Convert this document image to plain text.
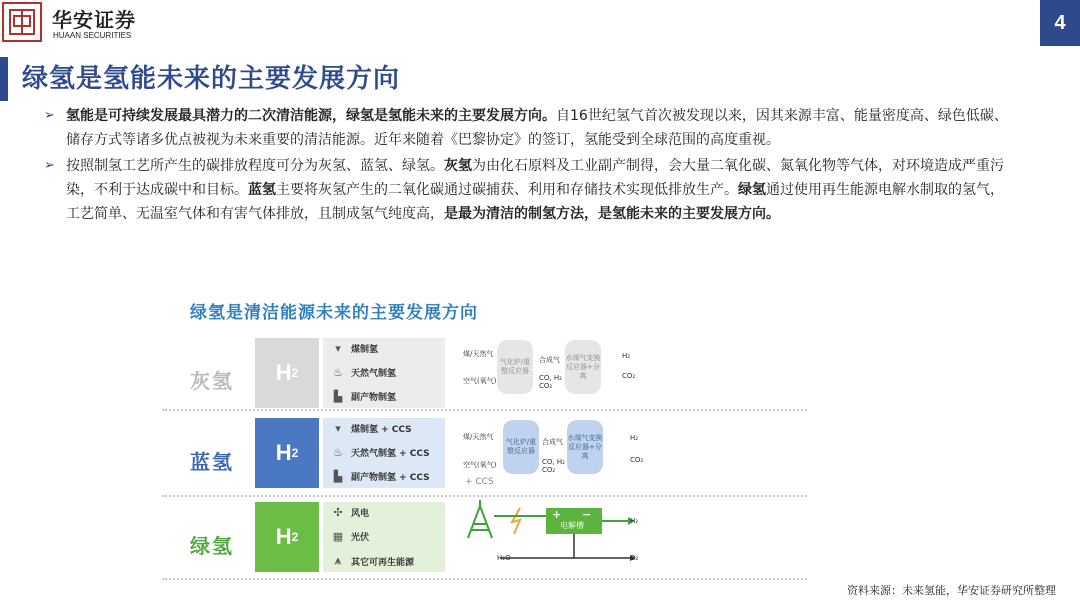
华安证券
HUAAN SECURITIES
4
绿氢是氢能未来的主要发展方向
➢ 氢能是可持续发展最具潜力的二次清洁能源，绿氢是氢能未来的主要发展方向。自16世纪氢气首次被发现以来，因其来源丰富、能量密度高、绿色低碳、储存方式等诸多优点被视为未来重要的清洁能源。近年来随着《巴黎协定》的签订，氢能受到全球范围的高度重视。
➢ 按照制氢工艺所产生的碳排放程度可分为灰氢、蓝氢、绿氢。灰氢为由化石原料及工业副产制得，会大量二氧化碳、氮氧化物等气体，对环境造成严重污染，不利于达成碳中和目标。蓝氢主要将灰氢产生的二氧化碳通过碳捕获、利用和存储技术实现低排放生产。绿氢通过使用再生能源电解水制取的氢气，工艺简单、无温室气体和有害气体排放，且制成氢气纯度高，是最为清洁的制氢方法，是氢能未来的主要发展方向。
绿氢是清洁能源未来的主要发展方向
灰氢 H 2
▾	煤制氢
♨ 天然气制氢
▙ 副产物制氢
煤/天然气
空气(氧气)
气化炉/重整反应器
合成气
CO, H₂ CO₂
水煤气变换反应器+分离
H₂
CO₂
蓝氢 H 2
▾	煤制氢 + CCS
♨ 天然气制氢 + CCS
▙ 副产物制氢 + CCS
煤/天然气
空气(氧气)
+ CCS
气化炉/重整反应器
合成气
CO, H₂ CO₂
水煤气变换反应器+分离
H₂
CO₂
绿氢 H 2
✣ 风电
▦ 光伏
⩚	其它可再生能源
+ −
电解槽	H₂
H₂O	O₂
资料来源：未来氢能，华安证券研究所整理
